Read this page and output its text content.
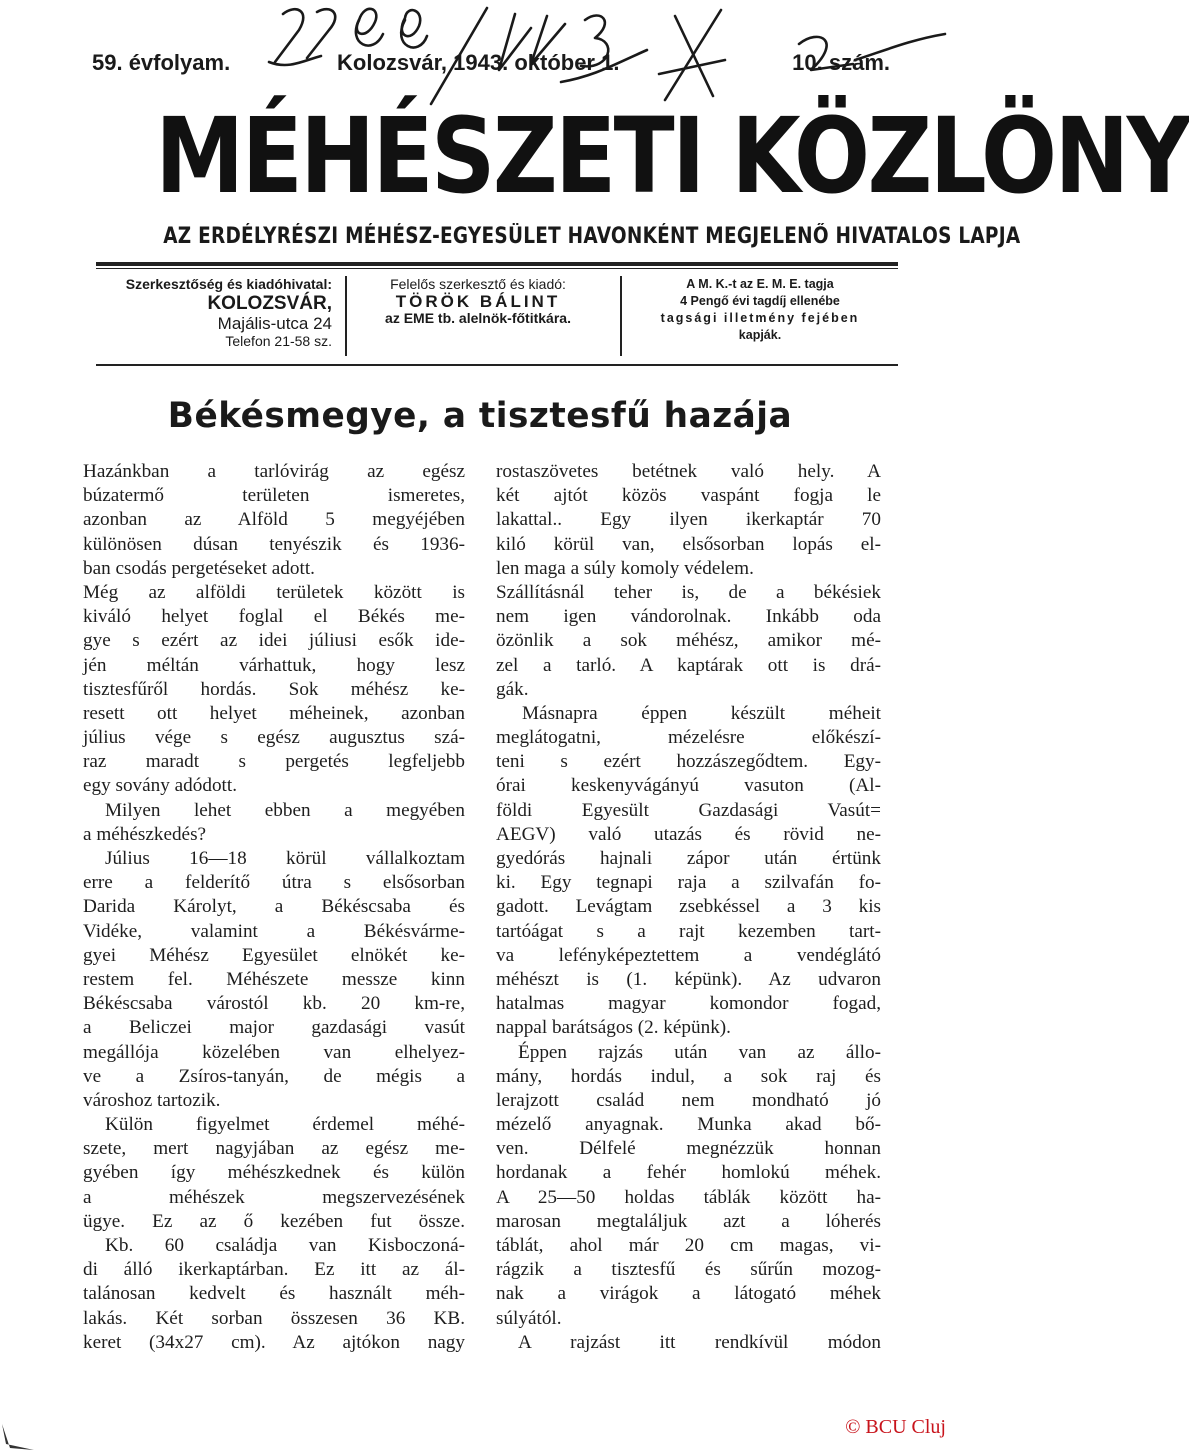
59. évfolyam.	Kolozsvár, 1943. október 1.	10. szám.
MÉHÉSZETI KÖZLÖNY
AZ ERDÉLYRÉSZI MÉHÉSZ-EGYESÜLET HAVONKÉNT MEGJELENŐ HIVATALOS LAPJA
Szerkesztőség és kiadóhivatal:
KOLOZSVÁR,
Majális-utca 24
Telefon 21-58 sz.
Felelős szerkesztő és kiadó:
TÖRÖK BÁLINT
az EME tb. alelnök-főtitkára.
A M. K.-t az E. M. E. tagja
4 Pengő évi tagdíj ellenébe
tagsági illetmény fejében
kapják.
Békésmegye, a tisztesfű hazája
Hazánkban a tarlóvirág az egész
búzatermő területen ismeretes,
azonban az Alföld 5 megyéjében
különösen dúsan tenyészik és 1936-
ban csodás pergetéseket adott.
Még az alföldi területek között is
kiváló helyet foglal el Békés me-
gye s ezért az idei júliusi esők ide-
jén méltán várhattuk, hogy lesz
tisztesfűről hordás. Sok méhész ke-
resett ott helyet méheinek, azonban
július vége s egész augusztus szá-
raz maradt s pergetés legfeljebb
egy sovány adódott.
Milyen lehet ebben a megyében
a méhészkedés?
Július 16—18 körül vállalkoztam
erre a felderítő útra s elsősorban
Darida Károlyt, a Békéscsaba és
Vidéke, valamint a Békésvárme-
gyei Méhész Egyesület elnökét ke-
restem fel. Méhészete messze kinn
Békéscsaba várostól kb. 20 km-re,
a Beliczei major gazdasági vasút
megállója közelében van elhelyez-
ve a Zsíros-tanyán, de mégis a
városhoz tartozik.
Külön figyelmet érdemel méhé-
szete, mert nagyjában az egész me-
gyében így méhészkednek és külön
a méhészek megszervezésének
ügye. Ez az ő kezében fut össze.
Kb. 60 családja van Kisboczoná-
di álló ikerkaptárban. Ez itt az ál-
talánosan kedvelt és használt méh-
lakás. Két sorban összesen 36 KB.
keret (34x27 cm). Az ajtókon nagy
rostaszövetes betétnek való hely. A
két ajtót közös vaspánt fogja le
lakattal.. Egy ilyen ikerkaptár 70
kiló körül van, elsősorban lopás el-
len maga a súly komoly védelem.
Szállításnál teher is, de a békésiek
nem igen vándorolnak. Inkább oda
özönlik a sok méhész, amikor mé-
zel a tarló. A kaptárak ott is drá-
gák.
Másnapra éppen készült méheit
meglátogatni, mézelésre előkészí-
teni s ezért hozzászegődtem. Egy-
órai keskenyvágányú vasuton (Al-
földi Egyesült Gazdasági Vasút=
AEGV) való utazás és rövid ne-
gyedórás hajnali zápor után értünk
ki. Egy tegnapi raja a szilvafán fo-
gadott. Levágtam zsebkéssel a 3 kis
tartóágat s a rajt kezemben tart-
va lefényképeztettem a vendéglátó
méhészt is (1. képünk). Az udvaron
hatalmas magyar komondor fogad,
nappal barátságos (2. képünk).
Éppen rajzás után van az állo-
mány, hordás indul, a sok raj és
lerajzott család nem mondható jó
mézelő anyagnak. Munka akad bő-
ven. Délfelé megnézzük honnan
hordanak a fehér homlokú méhek.
A 25—50 holdas táblák között ha-
marosan megtaláljuk azt a lóherés
táblát, ahol már 20 cm magas, vi-
rágzik a tisztesfű és sűrűn mozog-
nak a virágok a látogató méhek
súlyától.
A rajzást itt rendkívül módon
© BCU Cluj
